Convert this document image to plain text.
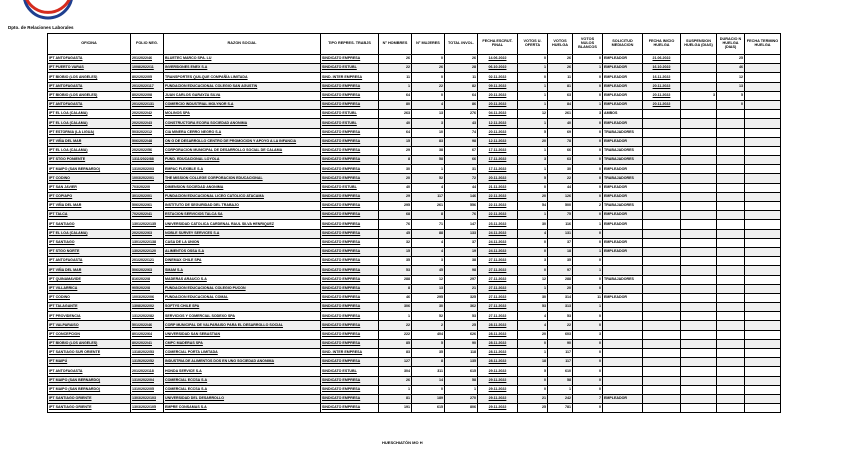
Dpto. de Relaciones Laborales
OFICINA	FOLIO NEG.	RAZON SOCIAL	TIPO REPRES. TRABJS	N° HOMBRES	N° MUJERES	TOTAL INVOL.	FECHA ESCRUT. FINAL	VOTOS U. OFERTA	VOTOS HUELGA	VOTOS NULOS BLANCOS	SOLICITUD MEDIACION	FECHA INICIO HUELGA	SUSPENSION HUELGA (DIAS)	DURACIO N HUELGA (DIAS)	FECHA TERMINO HUELGA
IPT ANTOFAGASTA	201/2022/46	BLUETEC MARCO SPA. LU	SINDICATO EMPRESA	26	0	26	14.06.2022	0	26	0	EMPLEADOR	21.06.2022		25	
IPT PUERTO VARAS	1008/2022/11	INVERSIONES ENEX S.A	SINDICATO ESTUBL	22	26	28	06.10.2022	1	26	1	EMPLEADOR	16.10.2022		46	
IPT BIOBIO (LOS ANGELES)	802/2022/05	TRANSPORTES QUILQUE COMPAÑÍA LIMITADA	SIND. INTER EMPRESA	11	0	11	02.11.2022	0	11	0	EMPLEADOR	16.11.2022		12	
IPT ANTOFAGASTA	201/2022/117	FUNDACION EDUCACIONAL COLEGIO SAN AGUSTIN	SINDICATO EMPRESA	1	22	82	09.11.2022	1	81	0	EMPLEADOR	20.11.2022		13	
IPT BIOBIO (LOS ANGELES)	802/2022/08	JUAN CARLOS GARAYZA SILVA	SINDICATO EMPRESA	64	0	64	20.11.2022	1	63	0	EMPLEADOR	20.11.2022	3	5	
IPT ANTOFAGASTA	201/2022/131	COMERCIO INDUSTRIAL MOLYNOR S.A	SINDICATO EMPRESA	80	4	86	20.11.2022	1	84	1	EMPLEADOR	20.11.2022		0	
IPT EL LOA (CALAMA)	202/2022/42	MOLINOS SPA	SINDICATO ESTUBL	263	13	276	04.11.2022	12	261	3	AMBOS				
IPT EL LOA (CALAMA)	202/2022/43	CONSTRUCTORA ECORA SOCIEDAD ANONIMA	SINDICATO ESTUBL	40	3	43	12.11.2022	1	40	0	EMPLEADOR				
IPT ESTORNIA (LA LIGUA)	503/2022/12	CIA MINERA CERRO NEGRO S.A	SINDICATO EMPRESA	64	10	74	20.11.2022	5	69	0	TRABAJADORES				
IPT VIÑA DEL MAR	506/2022/48	ON G DE DESARROLLO CENTRO DE PROMOCION Y APOYO A LA INFANCIA	SINDICATO EMPRESA	15	83	98	12.11.2022	20	78	0	EMPLEADOR				
IPT EL LOA (CALAMA)	202/2022/56	CORPORACION MUNICIPAL DE DESARROLLO SOCIAL DE CALAMA	SINDICATO EMPRESA	29	38	67	17.11.2022	1	66	0	TRABAJADORES				
IPT STGO PONIENTE	1311/2022/88	FUND. EDUCACIONAL LOYOLA	SINDICATO EMPRESA	8	58	66	17.11.2022	3	63	0	TRABAJADORES				
IPT MAIPO (SAN BERNARDO)	1310/2022/03	EMPAC FLEXIBLE S.A	SINDICATO EMPRESA	30	1	31	17.11.2022	1	30	0	EMPLEADOR				
IPT CODINO	1003/2022/01	THE MISSION COLLEGE CORPORACION EDUCACIONAL	SINDICATO EMPRESA	20	52	72	20.11.2022	5	22	0	TRABAJADORES				
IPT SAN JAVIER	703/2022/0	DIMENSION SOCIEDAD ANONIMA	SINDICATO ESTUBL	40	4	44	21.11.2022	0	44	0	EMPLEADOR				
IPT COPIAPO	301/2022/01	FUNDACION EDUCACIONAL LICEO CATOLICO ATACAMA	SINDICATO EMPRESA	29	117	146	22.11.2022	20	126	0	EMPLEADOR				
IPT VIÑA DEL MAR	506/2022/61	INSTITUTO DE SEGURIDAD DEL TRABAJO	SINDICATO EMPRESA	295	261	556	22.11.2022	54	500	2	TRABAJADORES				
IPT TALCA	702/2022/41	ESTACION SERVICIOS TALCA SA	SINDICATO EMPRESA	68	8	76	22.11.2022	1	75	0	EMPLEADOR				
IPT SANTIAGO	1301/2022/135	UNIVERSIDAD CATOLICA CARDENAL RAUL SILVA HENRIQUEZ	SINDICATO EMPRESA	76	71	147	23.11.2022	30	116	1	EMPLEADOR				
IPT EL LOA (CALAMA)	202/2022/63	NOBLE SURVEY SERVICES S.A	SINDICATO EMPRESA	45	88	133	24.11.2022	4	131	0					
IPT SANTIAGO	1301/2022/138	CASA DE LA UNION	SINDICATO EMPRESA	32	4	37	24.11.2022	0	37	0	EMPLEADOR				
IPT STGO NORTE	1302/2022/120	ALIMENTOS OSSA S.A	SINDICATO EMPRESA	15	4	19	24.11.2022	0	18	1	EMPLEADOR				
IPT ANTOFAGASTA	201/2022/121	DINEMAX CHILE SPA	SINDICATO EMPRESA	35	3	38	27.11.2022	3	35	0					
IPT VIÑA DEL MAR	506/2022/63	SMAM S.A	SINDICATO EMPRESA	53	45	98	27.11.2022	0	97	1					
IPT QUINAMAVIDE	816/2022/8	MADERAS ARAUCO S.A	SINDICATO EMPRESA	288	12	297	27.11.2022	12	288	0	TRABAJADORES				
IPT VILLARRICA	905/2022/8	FUNDACION EDUCACIONAL COLEGIO PUCON	SINDICATO EMPRESA	8	13	21	27.11.2022	1	20	0					
IPT CODINO	1003/2022/06	FUNDACION EDUCACIONAL COMAL	SINDICATO EMPRESA	46	295	325	27.11.2022	30	314	11	EMPLEADOR				
IPT TALAGANTE	1308/2022/02	SOFTYS CHILE SPA	SINDICATO EMPRESA	306	30	362	27.11.2022	53	313	1					
IPT PROVIDENCIA	1312/2022/82	SERVICIOS Y COMERCIAL SODEXO SPA	SINDICATO EMPRESA	1	52	53	27.11.2022	4	53	0					
IPT VALPARAISO	501/2022/46	CORP MUNICIPAL DE VALPARAISO PARA EL DESARROLLO SOCIAL	SINDICATO EMPRESA	22	2	25	28.11.2022	4	22	0					
IPT CONCEPCION	801/2022/64	UNIVERSIDAD SAN SEBASTIAN	SINDICATO EMPRESA	222	404	626	28.11.2022	20	603	3					
IPT BIOBIO (LOS ANGELES)	802/2022/41	CMPC MADERAS SPA	SINDICATO EMPRESA	85	5	90	28.11.2022	0	90	0					
IPT SANTIAGO SUR ORIENTE	1318/2022/53	COMERCIAL PORTA LIMITADA	SIND. INTER EMPRESA	83	35	118	28.11.2022	1	117	0					
IPT MAIPÚ	1315/2022/52	INDUSTRIA DE ALIMENTOS DOS EN UNO SOCIEDAD ANONIMA	SINDICATO EMPRESA	127	8	135	28.11.2022	18	117	0					
IPT ANTOFAGASTA	201/2022/118	HONDA SERVICE S.A	SINDICATO ESTUBL	304	311	615	29.11.2022	5	610	0					
IPT MAIPO (SAN BERNARDO)	1310/2022/04	COMERCIAL ECCSA S.A	SINDICATO EMPRESA	26	14	58	29.11.2022	0	58	0					
IPT MAIPO (SAN BERNARDO)	1310/2022/05	COMERCIAL ECCSA S.A	SINDICATO EMPRESA	1	0	1	29.11.2022	0	1	0					
IPT SANTIAGO ORIENTE	1303/2022/103	UNIVERSIDAD DEL DESARROLLO	SINDICATO EMPRESA	81	189	270	29.11.2022	21	242	7	EMPLEADOR				
IPT SANTIAGO ORIENTE	1303/2022/105	EMPRE CONSAMAS S.A	SINDICATO EMPRESA	191	615	806	29.11.2022	25	781	0					
HUESCHIATÓN MO H
